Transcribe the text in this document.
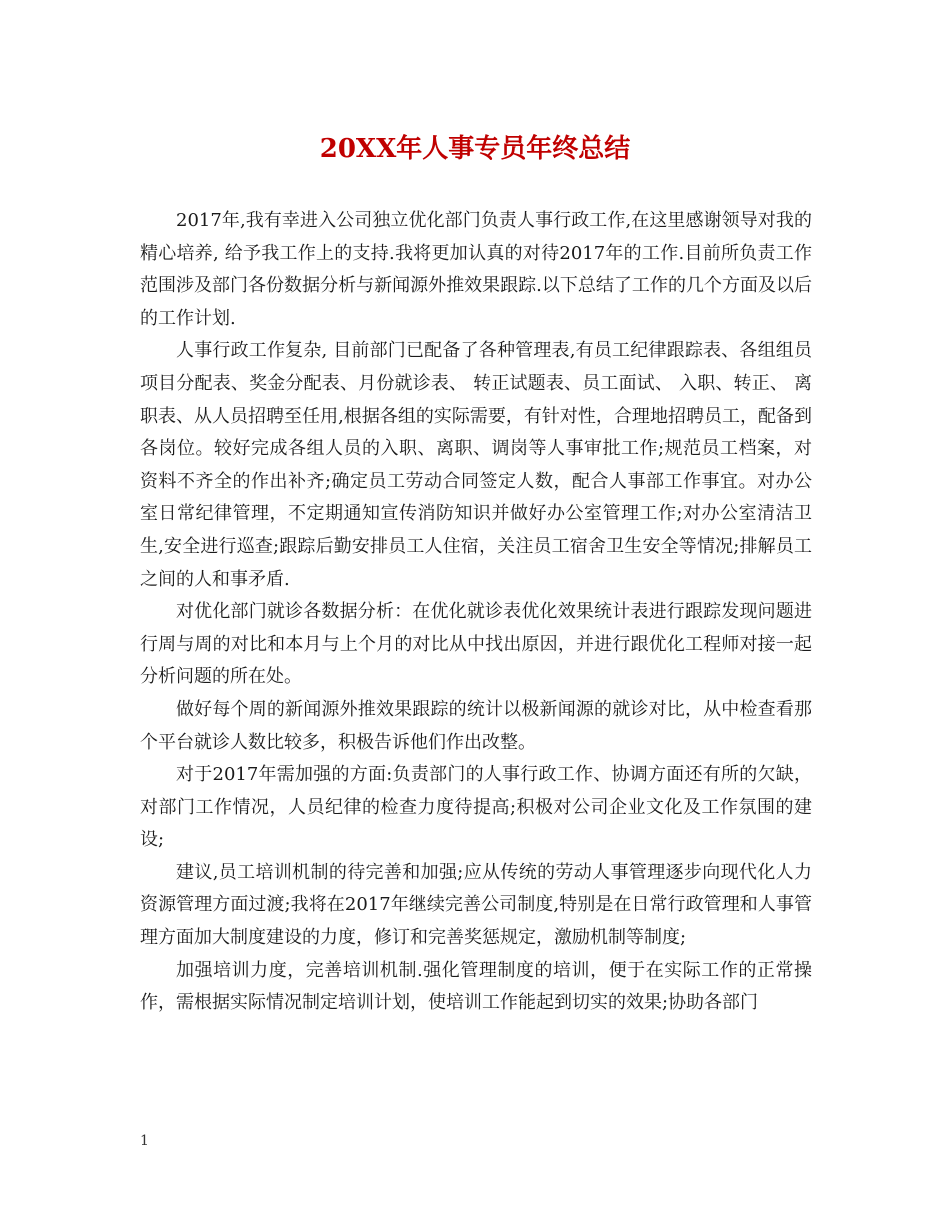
20XX年人事专员年终总结

2017年,我有幸进入公司独立优化部门负责人事行政工作,在这里感谢领导对我的精心培养, 给予我工作上的支持.我将更加认真的对待2017年的工作.目前所负责工作范围涉及部门各份数据分析与新闻源外推效果跟踪.以下总结了工作的几个方面及以后的工作计划.

人事行政工作复杂, 目前部门已配备了各种管理表,有员工纪律跟踪表、各组组员项目分配表、奖金分配表、月份就诊表、 转正试题表、员工面试、 入职、转正、 离职表、从人员招聘至任用,根据各组的实际需要，有针对性，合理地招聘员工，配备到各岗位。较好完成各组人员的入职、离职、调岗等人事审批工作;规范员工档案，对资料不齐全的作出补齐;确定员工劳动合同签定人数，配合人事部工作事宜。对办公室日常纪律管理，不定期通知宣传消防知识并做好办公室管理工作;对办公室清洁卫生,安全进行巡查;跟踪后勤安排员工人住宿，关注员工宿舍卫生安全等情况;排解员工之间的人和事矛盾.

对优化部门就诊各数据分析：在优化就诊表优化效果统计表进行跟踪发现问题进行周与周的对比和本月与上个月的对比从中找出原因，并进行跟优化工程师对接一起分析问题的所在处。

做好每个周的新闻源外推效果跟踪的统计以极新闻源的就诊对比，从中检查看那个平台就诊人数比较多，积极告诉他们作出改整。

对于2017年需加强的方面:负责部门的人事行政工作、协调方面还有所的欠缺，对部门工作情况，人员纪律的检查力度待提高;积极对公司企业文化及工作氛围的建设;

建议,员工培训机制的待完善和加强;应从传统的劳动人事管理逐步向现代化人力资源管理方面过渡;我将在2017年继续完善公司制度,特别是在日常行政管理和人事管理方面加大制度建设的力度，修订和完善奖惩规定，激励机制等制度;

加强培训力度，完善培训机制.强化管理制度的培训，便于在实际工作的正常操作，需根据实际情况制定培训计划，使培训工作能起到切实的效果;协助各部门

1
